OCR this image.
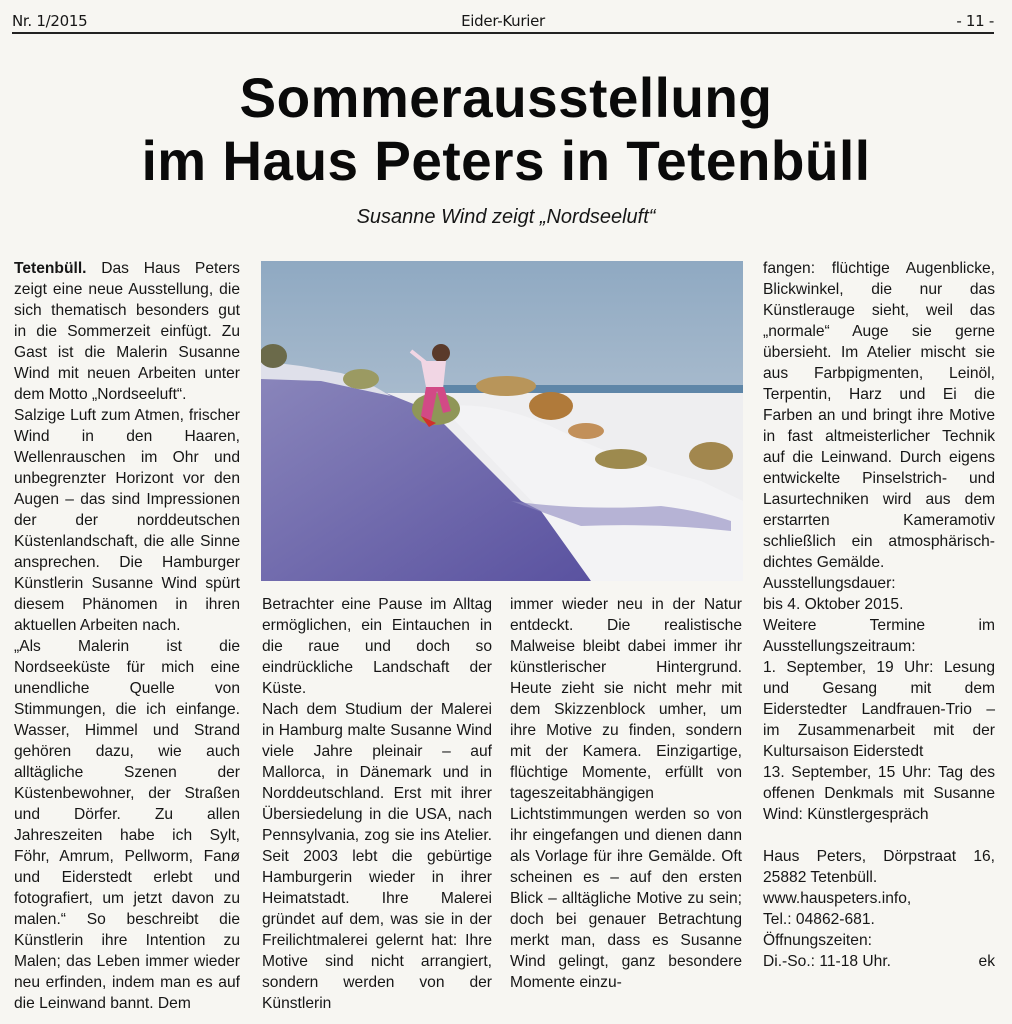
Nr. 1/2015	Eider-Kurier	- 11 -
Sommerausstellung
im Haus Peters in Tetenbüll
Susanne Wind zeigt „Nordseeluft“

Tetenbüll. Das Haus Peters zeigt eine neue Ausstellung, die sich thematisch besonders gut in die Sommerzeit einfügt. Zu Gast ist die Malerin Susanne Wind mit neuen Arbeiten unter dem Motto „Nordseeluft“.

Salzige Luft zum Atmen, frischer Wind in den Haaren, Wellenrauschen im Ohr und unbegrenzter Horizont vor den Augen – das sind Impressionen der der norddeutschen Küstenlandschaft, die alle Sinne ansprechen. Die Hamburger Künstlerin Susanne Wind spürt diesem Phänomen in ihren aktuellen Arbeiten nach.

„Als Malerin ist die Nordseeküste für mich eine unendliche Quelle von Stimmungen, die ich einfange. Wasser, Himmel und Strand gehören dazu, wie auch alltägliche Szenen der Küstenbewohner, der Straßen und Dörfer. Zu allen Jahreszeiten habe ich Sylt, Föhr, Amrum, Pellworm, Fanø und Eiderstedt erlebt und fotografiert, um jetzt davon zu malen.“ So beschreibt die Künstlerin ihre Intention zu Malen; das Leben immer wieder neu erfinden, indem man es auf die Leinwand bannt. Dem

Betrachter eine Pause im Alltag ermöglichen, ein Eintauchen in die raue und doch so eindrückliche Landschaft der Küste.

Nach dem Studium der Malerei in Hamburg malte Susanne Wind viele Jahre pleinair – auf Mallorca, in Dänemark und in Norddeutschland. Erst mit ihrer Übersiedelung in die USA, nach Pennsylvania, zog sie ins Atelier. Seit 2003 lebt die gebürtige Hamburgerin wieder in ihrer Heimatstadt. Ihre Malerei gründet auf dem, was sie in der Freilichtmalerei gelernt hat: Ihre Motive sind nicht arrangiert, sondern werden von der Künstlerin

immer wieder neu in der Natur entdeckt. Die realistische Malweise bleibt dabei immer ihr künstlerischer Hintergrund. Heute zieht sie nicht mehr mit dem Skizzenblock umher, um ihre Motive zu finden, sondern mit der Kamera. Einzigartige, flüchtige Momente, erfüllt von tageszeitabhängigen Lichtstimmungen werden so von ihr eingefangen und dienen dann als Vorlage für ihre Gemälde. Oft scheinen es – auf den ersten Blick – alltägliche Motive zu sein; doch bei genauer Betrachtung merkt man, dass es Susanne Wind gelingt, ganz besondere Momente einzu-

fangen: flüchtige Augenblicke, Blickwinkel, die nur das Künstlerauge sieht, weil das „normale“ Auge sie gerne übersieht. Im Atelier mischt sie aus Farbpigmenten, Leinöl, Terpentin, Harz und Ei die Farben an und bringt ihre Motive in fast altmeisterlicher Technik auf die Leinwand. Durch eigens entwickelte Pinselstrich- und Lasurtechniken wird aus dem erstarrten Kameramotiv schließlich ein atmosphärisch-dichtes Gemälde.

Ausstellungsdauer:

bis 4. Oktober 2015.

Weitere Termine im Ausstellungszeitraum:

1. September, 19 Uhr: Lesung und Gesang mit dem Eiderstedter Landfrauen-Trio – im Zusammenarbeit mit der Kultursaison Eiderstedt

13. September, 15 Uhr: Tag des offenen Denkmals mit Susanne Wind: Künstlergespräch

Haus Peters, Dörpstraat 16, 25882 Tetenbüll.

www.hauspeters.info,

Tel.: 04862-681.

Öffnungszeiten:

Di.-So.: 11-18 Uhr.	ek
